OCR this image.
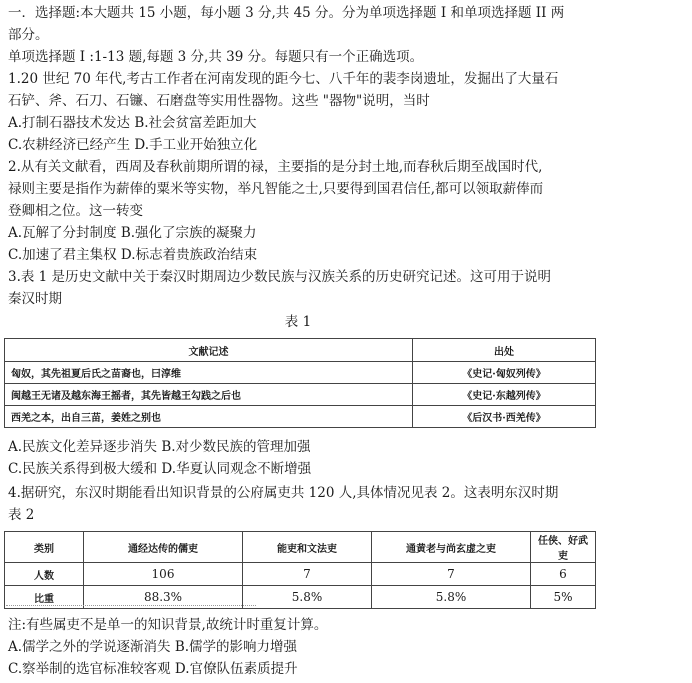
一．选择题:本大题共 15 小题，每小题 3 分,共 45 分。分为单项选择题 I 和单项选择题 II 两
部分。
单项选择题 I :1-13 题,每题 3 分,共 39 分。每题只有一个正确选项。
1.20 世纪 70 年代,考古工作者在河南发现的距今七、八千年的裴李岗遗址，发掘出了大量石
石铲、斧、石刀、石镰、石磨盘等实用性器物。这些 "器物"说明，当时
A.打制石器技术发达 B.社会贫富差距加大
C.农耕经济已经产生 D.手工业开始独立化
2.从有关文献看，西周及春秋前期所谓的禄，主要指的是分封土地,而春秋后期至战国时代,
禄则主要是指作为薪俸的粟米等实物，举凡智能之士,只要得到国君信任,都可以领取薪俸而
登卿相之位。这一转变
A.瓦解了分封制度 B.强化了宗族的凝聚力
C.加速了君主集权 D.标志着贵族政治结束
3.表 1 是历史文献中关于秦汉时期周边少数民族与汉族关系的历史研究记述。这可用于说明
秦汉时期
表 1
文献记述	出处
匈奴，其先祖夏后氏之苗裔也，曰淳维	《史记·匈奴列传》
闽越王无诸及越东海王摇者，其先皆越王勾践之后也	《史记·东越列传》
西羌之本，出自三苗，姜姓之别也	《后汉书·西羌传》
A.民族文化差异逐步消失 B.对少数民族的管理加强
C.民族关系得到极大缓和 D.华夏认同观念不断增强
4.据研究，东汉时期能看出知识背景的公府属吏共 120 人,具体情况见表 2。这表明东汉时期
表 2
类别	通经达传的儒吏	能吏和文法吏	通黄老与尚玄虚之吏	任侠、好武吏
人数	106	7	7	6
比重	88.3%	5.8%	5.8%	5%
注:有些属吏不是单一的知识背景,故统计时重复计算。
A.儒学之外的学说逐渐消失 B.儒学的影响力增强
C.察举制的选官标准较客观 D.官僚队伍素质提升
